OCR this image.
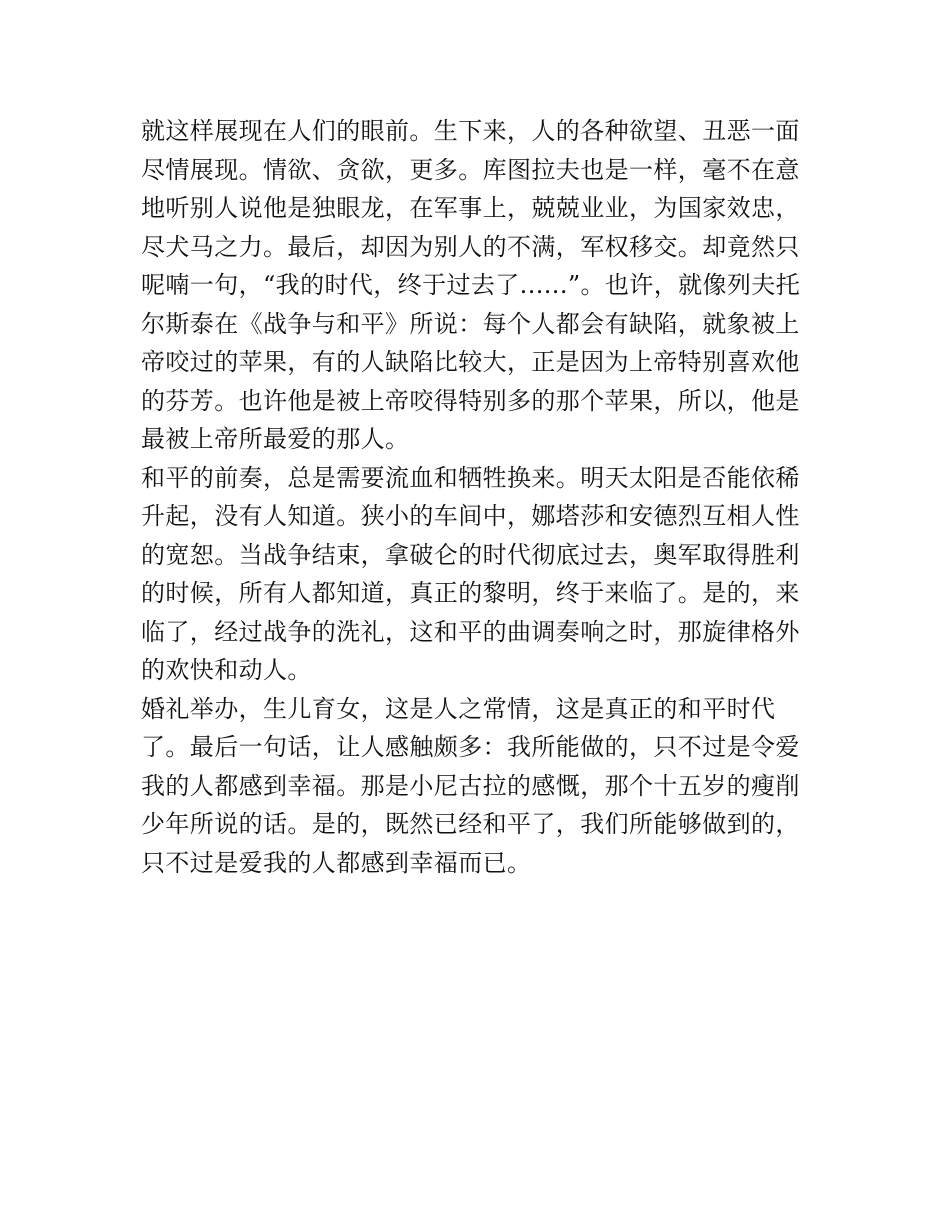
就这样展现在人们的眼前。生下来，人的各种欲望、丑恶一面
尽情展现。情欲、贪欲，更多。库图拉夫也是一样，毫不在意
地听别人说他是独眼龙，在军事上，兢兢业业，为国家效忠，
尽犬马之力。最后，却因为别人的不满，军权移交。却竟然只
呢喃一句，“我的时代，终于过去了......”。也许，就像列夫托
尔斯泰在《战争与和平》所说：每个人都会有缺陷，就象被上
帝咬过的苹果，有的人缺陷比较大，正是因为上帝特别喜欢他
的芬芳。也许他是被上帝咬得特别多的那个苹果，所以，他是
最被上帝所最爱的那人。
和平的前奏，总是需要流血和牺牲换来。明天太阳是否能依稀
升起，没有人知道。狭小的车间中，娜塔莎和安德烈互相人性
的宽恕。当战争结束，拿破仑的时代彻底过去，奥军取得胜利
的时候，所有人都知道，真正的黎明，终于来临了。是的，来
临了，经过战争的洗礼，这和平的曲调奏响之时，那旋律格外
的欢快和动人。
婚礼举办，生儿育女，这是人之常情，这是真正的和平时代
了。最后一句话，让人感触颇多：我所能做的，只不过是令爱
我的人都感到幸福。那是小尼古拉的感慨，那个十五岁的瘦削
少年所说的话。是的，既然已经和平了，我们所能够做到的，
只不过是爱我的人都感到幸福而已。
